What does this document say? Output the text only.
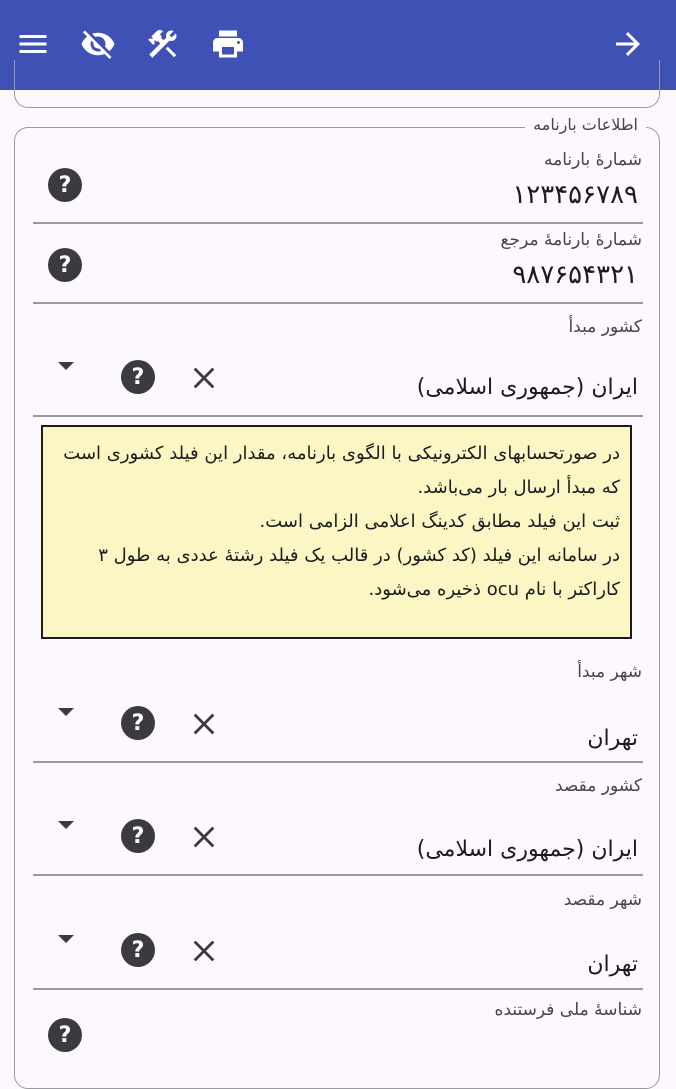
اطلاعات بارنامه
شمارهٔ بارنامه
۱۲۳۴۵۶۷۸۹
?
شمارهٔ بارنامهٔ مرجع
۹۸۷۶۵۴۳۲۱
?
کشور مبدأ
ایران (جمهوری اسلامی)
?
در صورتحسابهای الکترونیکی با الگوی بارنامه، مقدار این فیلد کشوری است که مبدأ ارسال بار می‌باشد.
ثبت این فیلد مطابق کدینگ اعلامی الزامی است.
در سامانه این فیلد (کد کشور) در قالب یک فیلد رشتهٔ عددی به طول ۳ کاراکتر با نام ocu ذخیره می‌شود.
شهر مبدأ
تهران
?
کشور مقصد
ایران (جمهوری اسلامی)
?
شهر مقصد
تهران
?
شناسهٔ ملی فرستنده
?
